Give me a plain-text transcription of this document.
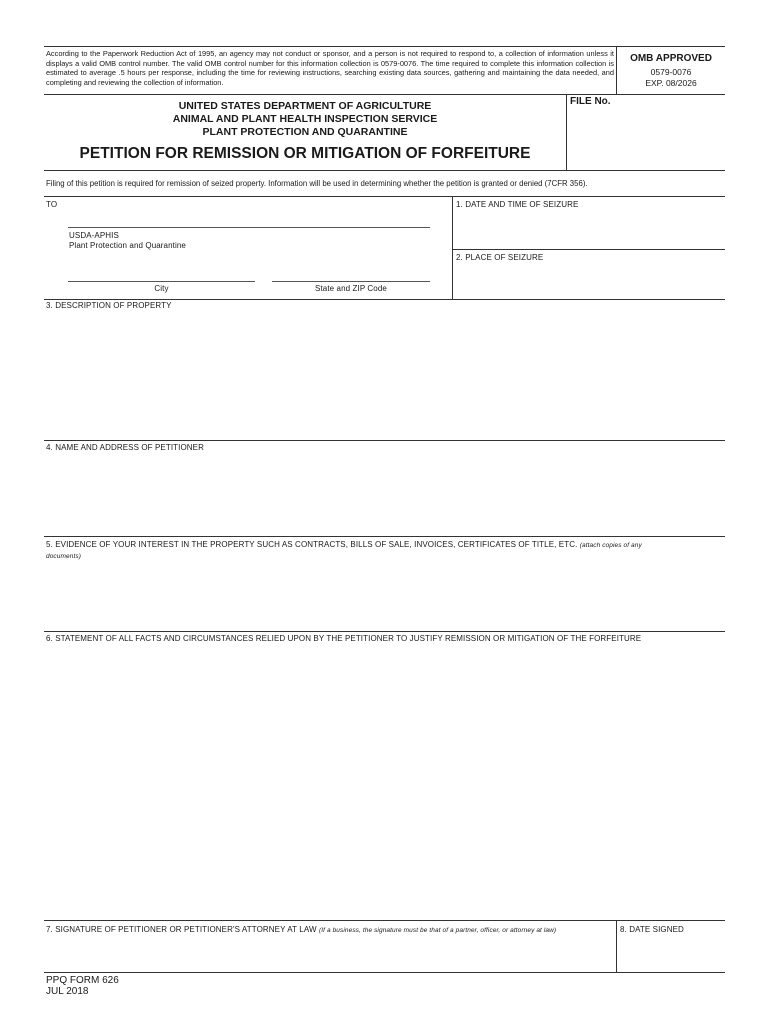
According to the Paperwork Reduction Act of 1995, an agency may not conduct or sponsor, and a person is not required to respond to, a collection of information unless it displays a valid OMB control number. The valid OMB control number for this information collection is 0579-0076. The time required to complete this information collection is estimated to average .5 hours per response, including the time for reviewing instructions, searching existing data sources, gathering and maintaining the data needed, and completing and reviewing the collection of information.
OMB APPROVED
0579-0076
EXP. 08/2026
UNITED STATES DEPARTMENT OF AGRICULTURE
ANIMAL AND PLANT HEALTH INSPECTION SERVICE
PLANT PROTECTION AND QUARANTINE
FILE No.
PETITION FOR REMISSION OR MITIGATION OF FORFEITURE
Filing of this petition is required for remission of seized property. Information will be used in determining whether the petition is granted or denied (7CFR 356).
TO
USDA-APHIS
Plant Protection and Quarantine
City	State and ZIP Code
1. DATE AND TIME OF SEIZURE
2. PLACE OF SEIZURE
3. DESCRIPTION OF PROPERTY
4. NAME AND ADDRESS OF PETITIONER
5. EVIDENCE OF YOUR INTEREST IN THE PROPERTY SUCH AS CONTRACTS, BILLS OF SALE, INVOICES, CERTIFICATES OF TITLE, ETC. (attach copies of any
documents)
6. STATEMENT OF ALL FACTS AND CIRCUMSTANCES RELIED UPON BY THE PETITIONER TO JUSTIFY REMISSION OR MITIGATION OF THE FORFEITURE
7. SIGNATURE OF PETITIONER OR PETITIONER'S ATTORNEY AT LAW (If a business, the signature must be that of a partner, officer, or attorney at law)	8. DATE SIGNED
PPQ FORM 626
JUL 2018
